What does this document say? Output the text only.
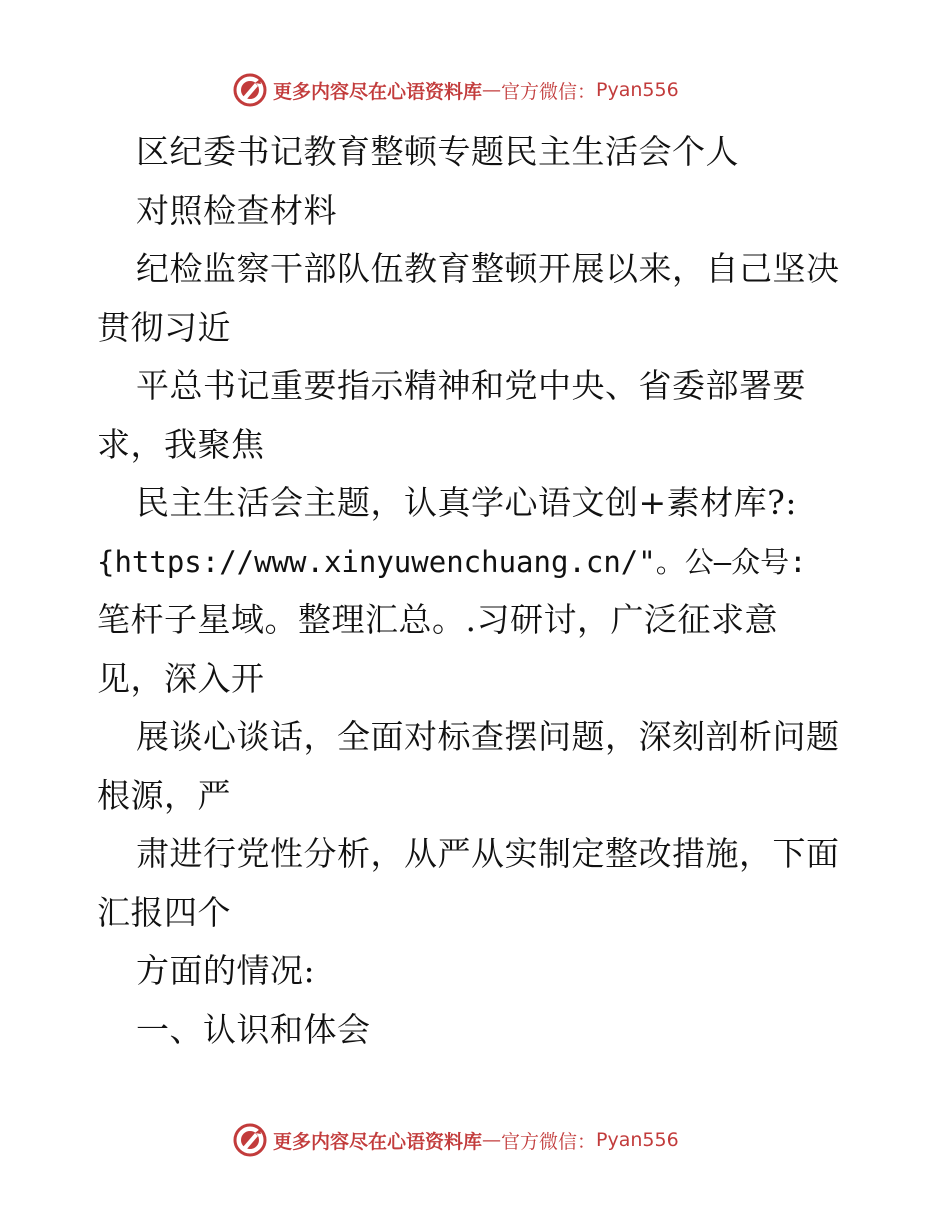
更多内容尽在心语资料库 — 官方微信： Pyan556
区纪委书记教育整顿专题民主生活会个人
对照检查材料
纪检监察干部队伍教育整顿开展以来，自己坚决
贯彻习近
平总书记重要指示精神和党中央、省委部署要
求，我聚焦
民主生活会主题，认真学心语文创+素材库?:
{https://www.xinyuwenchuang.cn/"。公—众号:
笔杆子星域。整理汇总。.习研讨，广泛征求意
见，深入开
展谈心谈话，全面对标查摆问题，深刻剖析问题
根源，严
肃进行党性分析，从严从实制定整改措施，下面
汇报四个
方面的情况:
一、认识和体会
更多内容尽在心语资料库 — 官方微信： Pyan556
